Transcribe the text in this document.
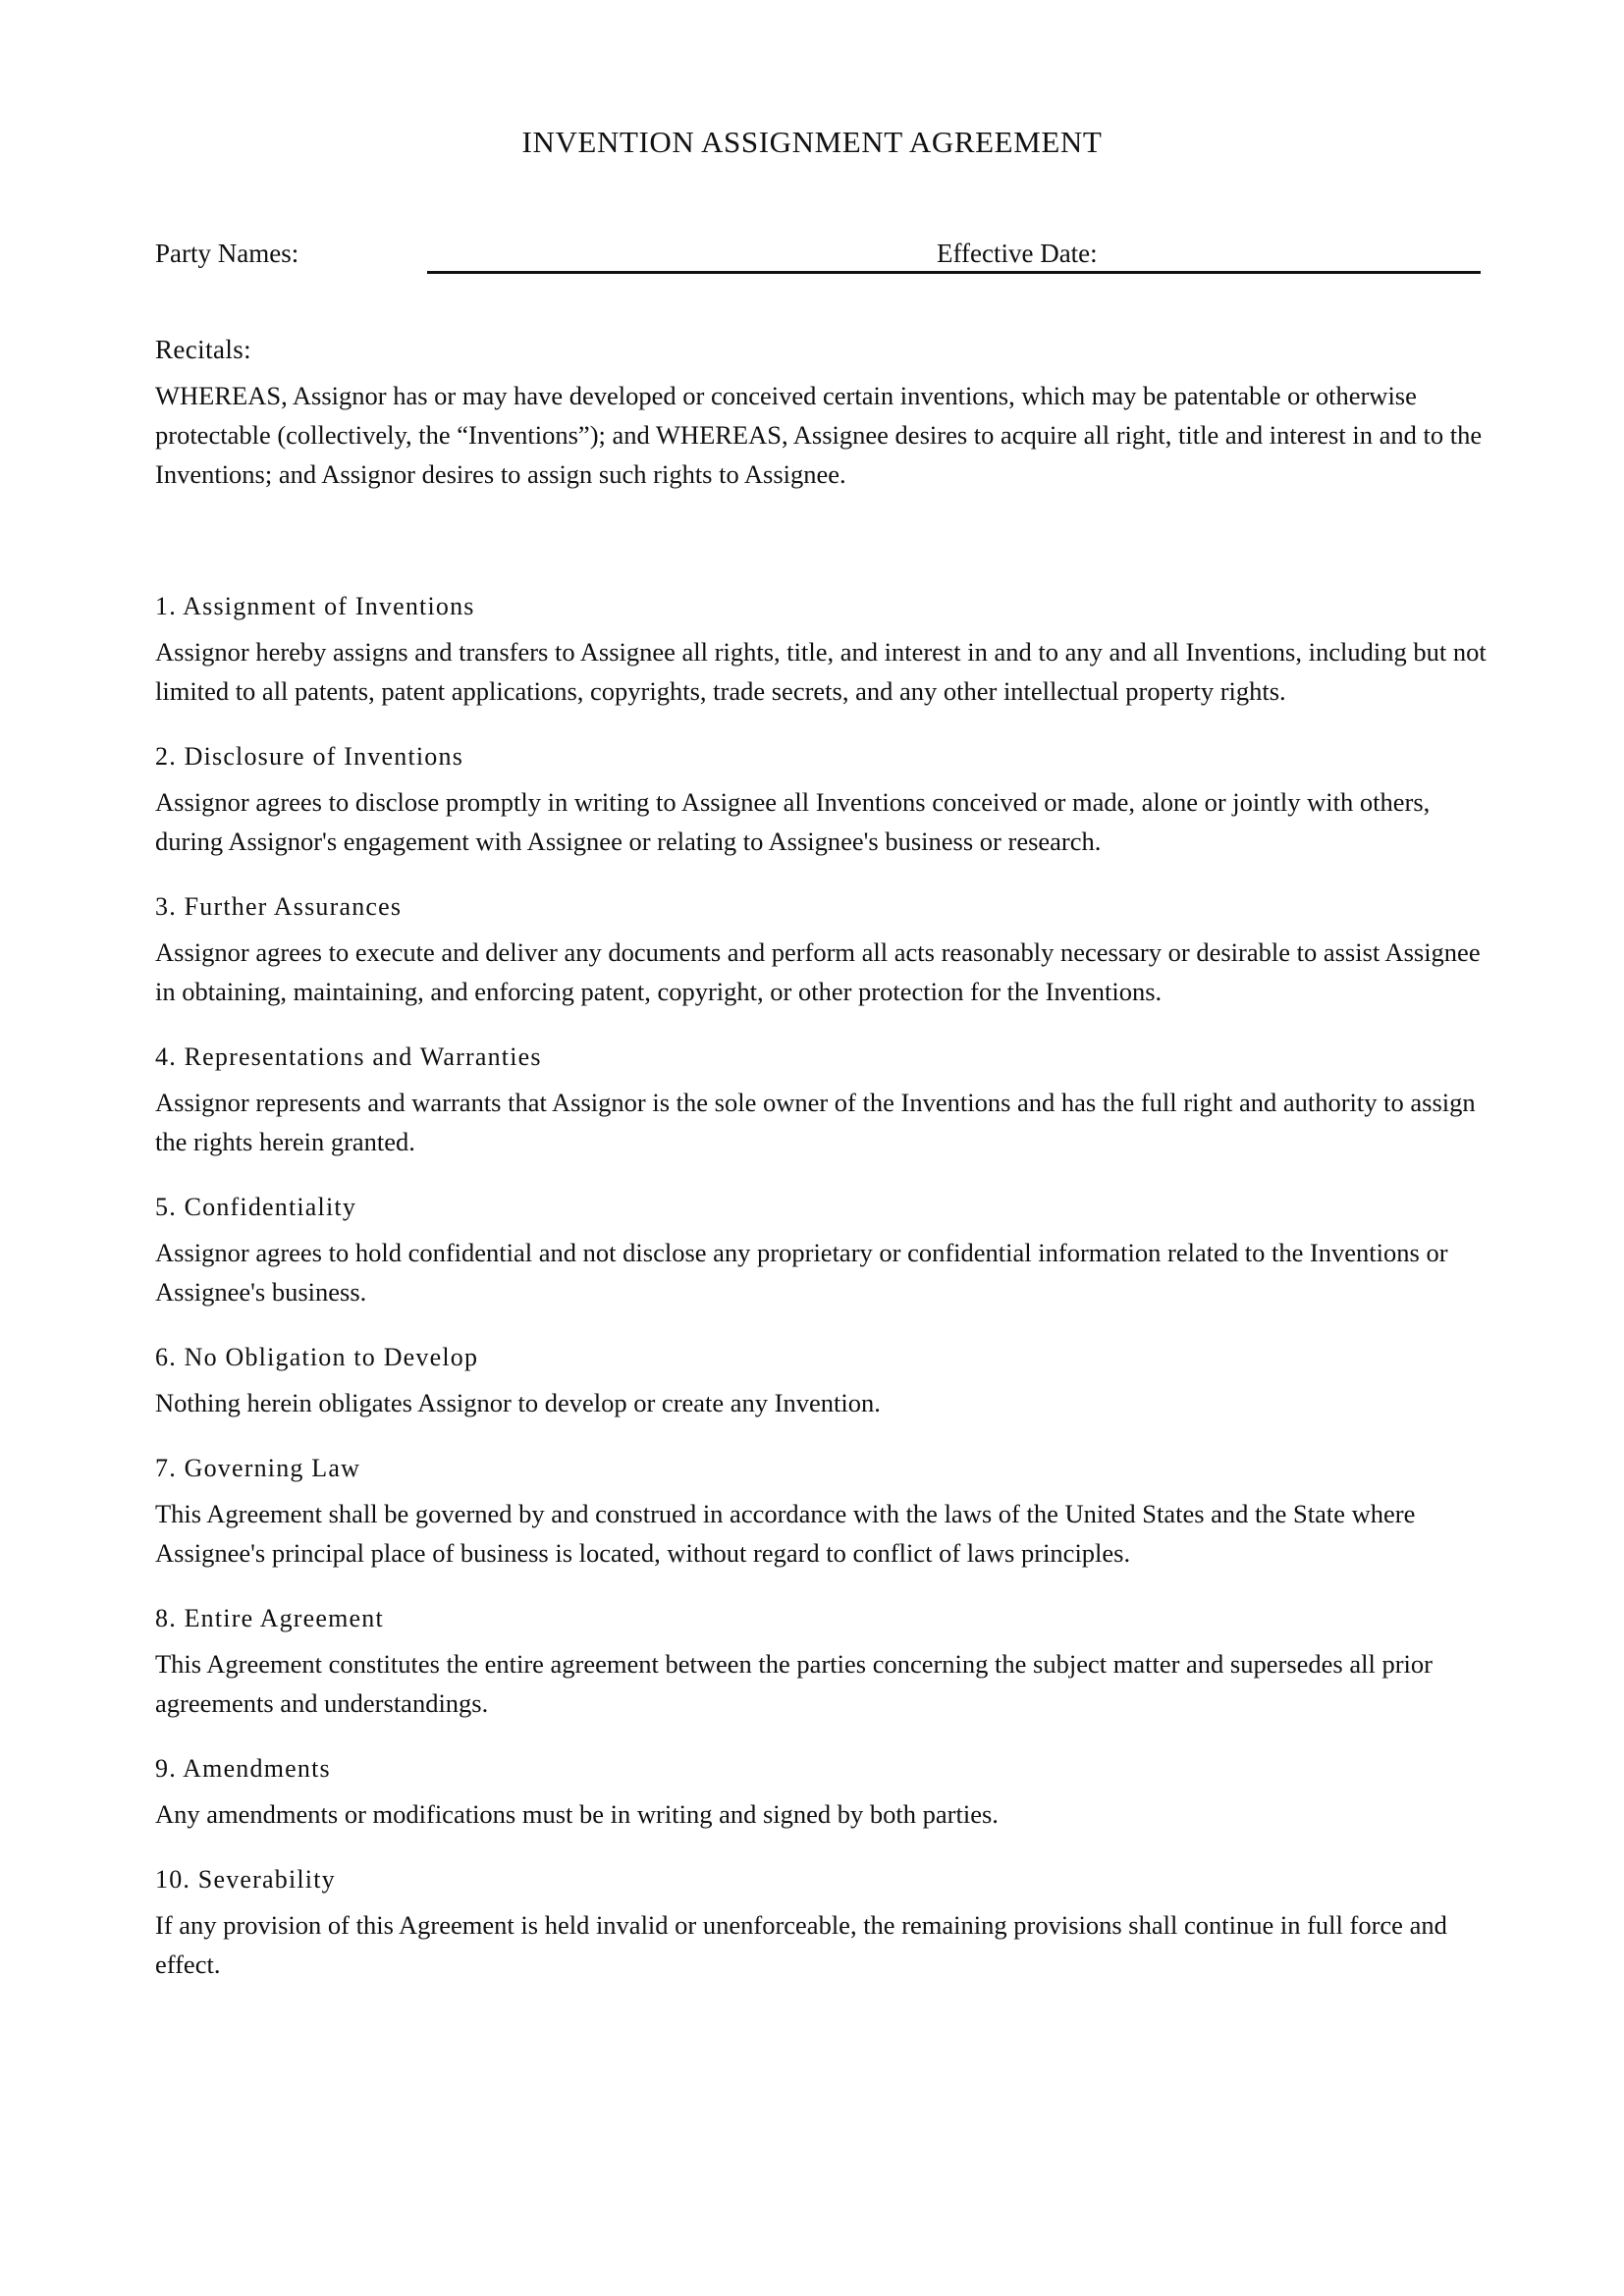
INVENTION ASSIGNMENT AGREEMENT
Party Names:	Effective Date:
Recitals:
WHEREAS, Assignor has or may have developed or conceived certain inventions, which may be patentable or otherwise protectable (collectively, the “Inventions”); and WHEREAS, Assignee desires to acquire all right, title and interest in and to the Inventions; and Assignor desires to assign such rights to Assignee.
1. Assignment of Inventions
Assignor hereby assigns and transfers to Assignee all rights, title, and interest in and to any and all Inventions, including but not limited to all patents, patent applications, copyrights, trade secrets, and any other intellectual property rights.
2. Disclosure of Inventions
Assignor agrees to disclose promptly in writing to Assignee all Inventions conceived or made, alone or jointly with others, during Assignor's engagement with Assignee or relating to Assignee's business or research.
3. Further Assurances
Assignor agrees to execute and deliver any documents and perform all acts reasonably necessary or desirable to assist Assignee in obtaining, maintaining, and enforcing patent, copyright, or other protection for the Inventions.
4. Representations and Warranties
Assignor represents and warrants that Assignor is the sole owner of the Inventions and has the full right and authority to assign the rights herein granted.
5. Confidentiality
Assignor agrees to hold confidential and not disclose any proprietary or confidential information related to the Inventions or Assignee's business.
6. No Obligation to Develop
Nothing herein obligates Assignor to develop or create any Invention.
7. Governing Law
This Agreement shall be governed by and construed in accordance with the laws of the United States and the State where Assignee's principal place of business is located, without regard to conflict of laws principles.
8. Entire Agreement
This Agreement constitutes the entire agreement between the parties concerning the subject matter and supersedes all prior agreements and understandings.
9. Amendments
Any amendments or modifications must be in writing and signed by both parties.
10. Severability
If any provision of this Agreement is held invalid or unenforceable, the remaining provisions shall continue in full force and effect.
